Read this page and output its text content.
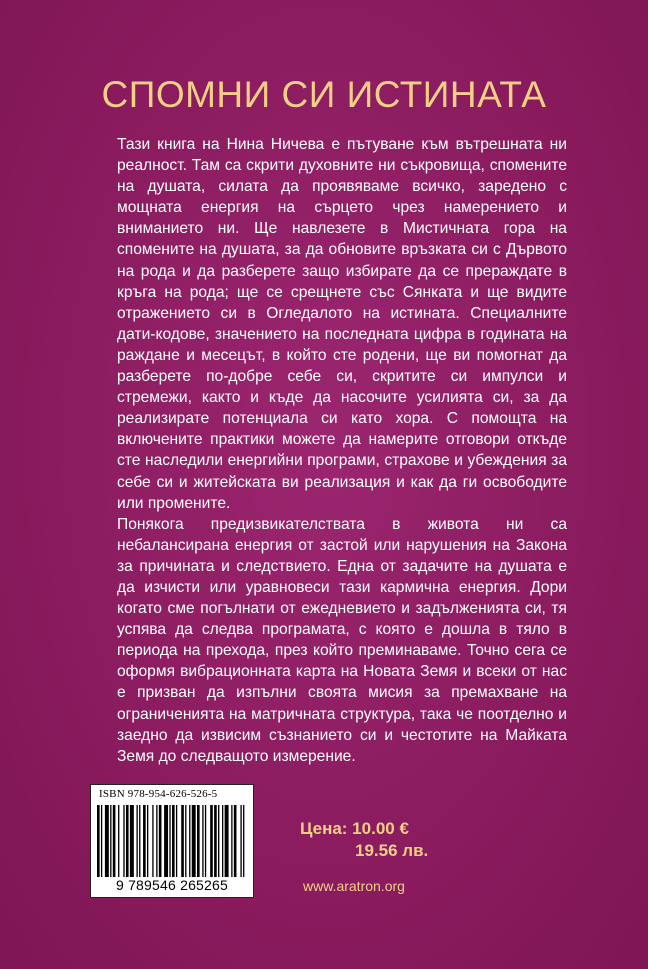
СПОМНИ СИ ИСТИНАТА

Тази книга на Нина Ничева е пътуване към вътрешната ни реалност. Там са скрити духовните ни съкровища, спомените на душата, силата да проявяваме всичко, заредено с мощната енергия на сърцето чрез намерението и вниманието ни. Ще навлезете в Мистичната гора на спомените на душата, за да обновите връзката си с Дървото на рода и да разберете защо избирате да се прераждате в кръга на рода; ще се срещнете със Сянката и ще видите отражението си в Огледалото на истината. Специалните дати-кодове, значението на последната цифра в годината на раждане и месецът, в който сте родени, ще ви помогнат да разберете по-добре себе си, скритите си импулси и стремежи, както и къде да насочите усилията си, за да реализирате потенциала си като хора. С помощта на включените практики можете да намерите отговори откъде сте наследили енергийни програми, страхове и убеждения за себе си и житейската ви реализация и как да ги освободите или промените.

Понякога предизвикателствата в живота ни са небалансирана енергия от застой или нарушения на Закона за причината и следствието. Една от задачите на душата е да изчисти или уравновеси тази кармична енергия. Дори когато сме погълнати от ежедневието и задълженията си, тя успява да следва програмата, с която е дошла в тяло в периода на прехода, през който преминаваме. Точно сега се оформя вибрационната карта на Новата Земя и всеки от нас е призван да изпълни своята мисия за премахване на ограниченията на матричната структура, така че поотделно и заедно да извисим съзнанието си и честотите на Майката Земя до следващото измерение.

ISBN 978-954-626-526-5
9 789546 265265
Цена: 10.00 €
19.56 лв.
www.aratron.org
